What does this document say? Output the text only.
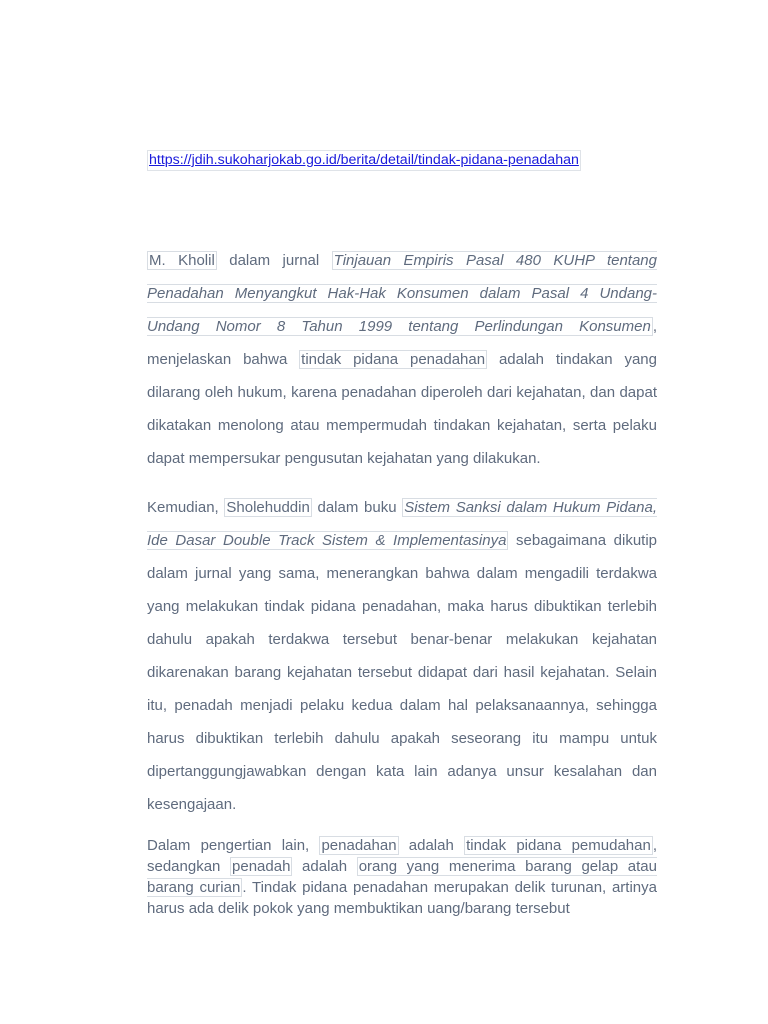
https://jdih.sukoharjokab.go.id/berita/detail/tindak-pidana-penadahan

M. Kholil dalam jurnal Tinjauan Empiris Pasal 480 KUHP tentang Penadahan Menyangkut Hak-Hak Konsumen dalam Pasal 4 Undang-Undang Nomor 8 Tahun 1999 tentang Perlindungan Konsumen , menjelaskan bahwa tindak pidana penadahan adalah tindakan yang dilarang oleh hukum, karena penadahan diperoleh dari kejahatan, dan dapat dikatakan menolong atau mempermudah tindakan kejahatan, serta pelaku dapat mempersukar pengusutan kejahatan yang dilakukan.

Kemudian, Sholehuddin dalam buku Sistem Sanksi dalam Hukum Pidana, Ide Dasar Double Track Sistem & Implementasinya sebagaimana dikutip dalam jurnal yang sama, menerangkan bahwa dalam mengadili terdakwa yang melakukan tindak pidana penadahan, maka harus dibuktikan terlebih dahulu apakah terdakwa tersebut benar-benar melakukan kejahatan dikarenakan barang kejahatan tersebut didapat dari hasil kejahatan. Selain itu, penadah menjadi pelaku kedua dalam hal pelaksanaannya, sehingga harus dibuktikan terlebih dahulu apakah seseorang itu mampu untuk dipertanggungjawabkan dengan kata lain adanya unsur kesalahan dan kesengajaan.

Dalam pengertian lain, penadahan adalah tindak pidana pemudahan , sedangkan penadah adalah orang yang menerima barang gelap atau barang curian . Tindak pidana penadahan merupakan delik turunan, artinya harus ada delik pokok yang membuktikan uang/barang tersebut
